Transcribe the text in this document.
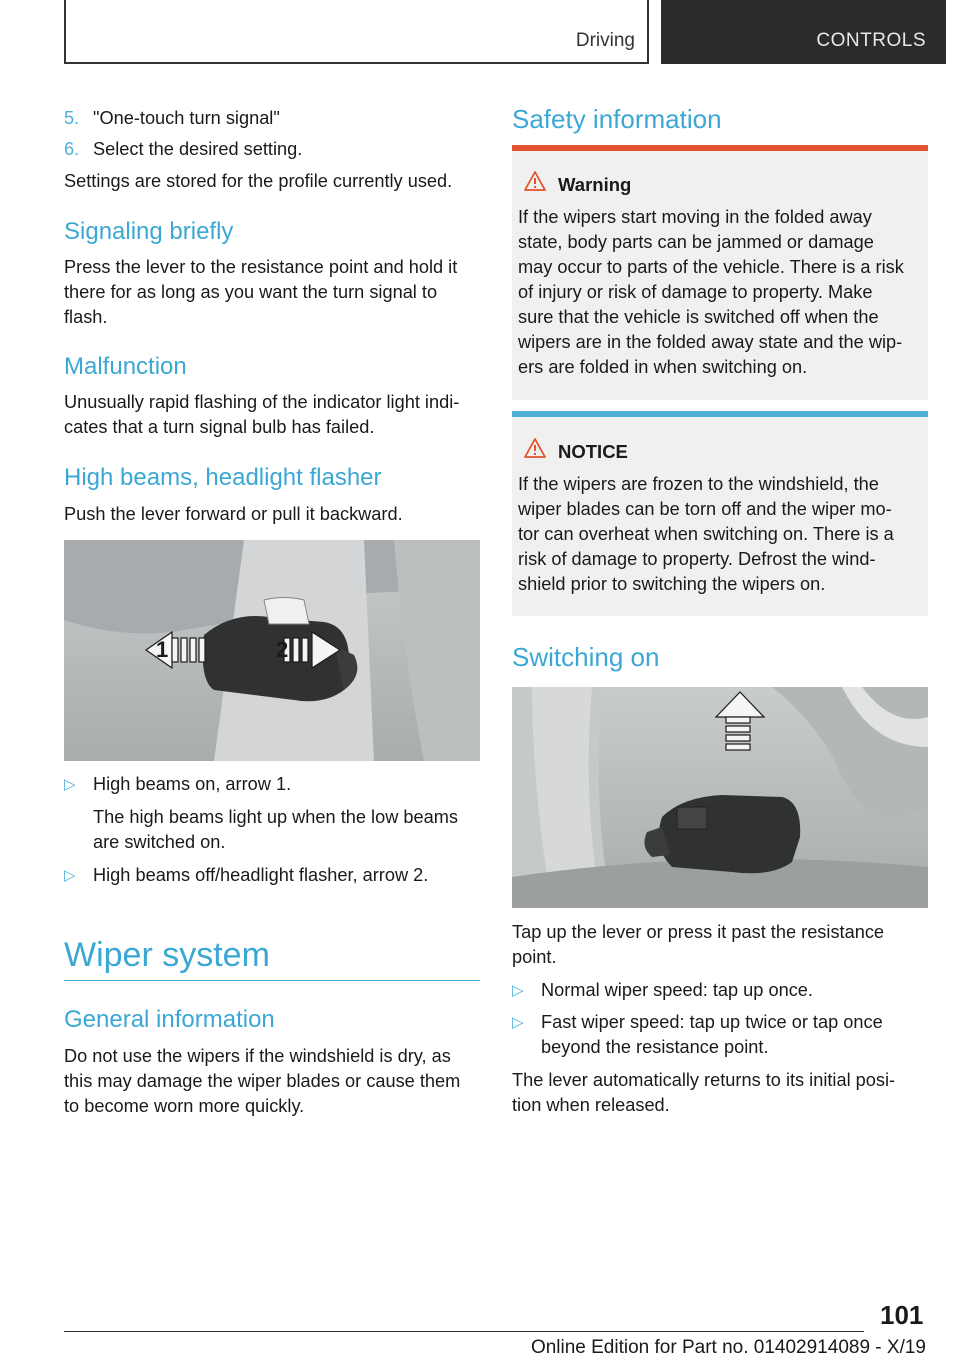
Driving	CONTROLS
5. "One-touch turn signal"
6. Select the desired setting.
Settings are stored for the profile currently used.
Signaling briefly
Press the lever to the resistance point and hold it
there for as long as you want the turn signal to
flash.
Malfunction
Unusually rapid flashing of the indicator light indi-
cates that a turn signal bulb has failed.
High beams, headlight flasher
Push the lever forward or pull it backward.
1	2
▷ High beams on, arrow 1.
The high beams light up when the low beams
are switched on.
▷ High beams off/headlight flasher, arrow 2.
Wiper system
General information
Do not use the wipers if the windshield is dry, as
this may damage the wiper blades or cause them
to become worn more quickly.
Safety information
Warning
If the wipers start moving in the folded away
state, body parts can be jammed or damage
may occur to parts of the vehicle. There is a risk
of injury or risk of damage to property. Make
sure that the vehicle is switched off when the
wipers are in the folded away state and the wip-
ers are folded in when switching on.
NOTICE
If the wipers are frozen to the windshield, the
wiper blades can be torn off and the wiper mo-
tor can overheat when switching on. There is a
risk of damage to property. Defrost the wind-
shield prior to switching the wipers on.
Switching on
Tap up the lever or press it past the resistance
point.
▷ Normal wiper speed: tap up once.
▷ Fast wiper speed: tap up twice or tap once
beyond the resistance point.
The lever automatically returns to its initial posi-
tion when released.
101
Online Edition for Part no. 01402914089 - X/19
